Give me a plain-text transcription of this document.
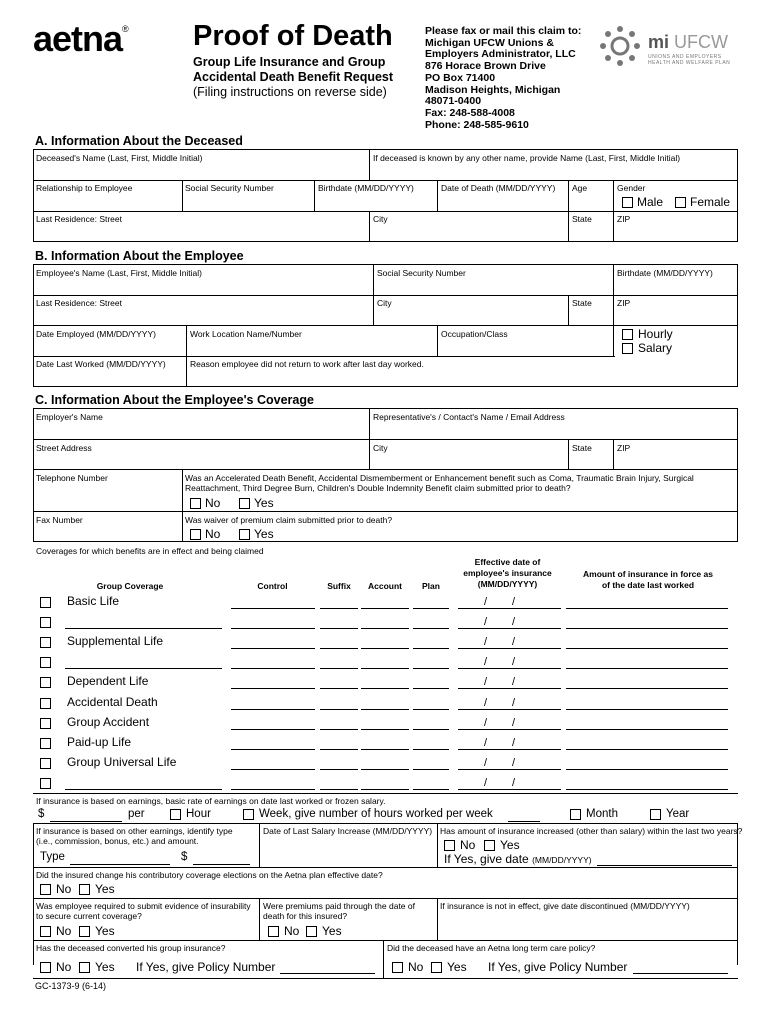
aetna® Proof of Death
Group Life Insurance and Group
Accidental Death Benefit Request
(Filing instructions on reverse side)
Please fax or mail this claim to:
Michigan UFCW Unions &
Employers Administrator, LLC
876 Horace Brown Drive
PO Box 71400
Madison Heights, Michigan
48071-0400
Fax: 248-588-4008
Phone: 248-585-9610
mi UFCW
UNIONS AND EMPLOYERS
HEALTH AND WELFARE PLAN
A. Information About the Deceased
Deceased's Name (Last, First, Middle Initial)	If deceased is known by any other name, provide Name (Last, First, Middle Initial)
Relationship to Employee	Social Security Number	Birthdate (MM/DD/YYYY)	Date of Death (MM/DD/YYYY) Age	Gender
Male Female
Last Residence: Street	City	State	ZIP
B. Information About the Employee
Employee's Name (Last, First, Middle Initial)	Social Security Number	Birthdate (MM/DD/YYYY)
Last Residence: Street	City	State	ZIP
Date Employed (MM/DD/YYYY)	Work Location Name/Number	Occupation/Class	Hourly
Salary
Date Last Worked (MM/DD/YYYY)	Reason employee did not return to work after last day worked.
C. Information About the Employee's Coverage
Employer's Name	Representative's / Contact's Name / Email Address
Street Address	City	State	ZIP
Telephone Number	Was an Accelerated Death Benefit, Accidental Dismemberment or Enhancement benefit such as Coma, Traumatic Brain Injury, Surgical Reattachment, Third Degree Burn, Children's Double Indemnity Benefit claim submitted prior to death?
No	Yes
Fax Number	Was waiver of premium claim submitted prior to death?
No	Yes
Coverages for which benefits are in effect and being claimed
Group Coverage	Control	Suffix	Account	Plan
Effective date of employee's insurance (MM/DD/YYYY)
Amount of insurance in force as of the date last worked
Basic Life	/ /
/ /
Supplemental Life	/ /
/ /
Dependent Life	/ /
Accidental Death	/ /
Group Accident	/ /
Paid-up Life	/ /
Group Universal Life	/ /
/ /
If insurance is based on earnings, basic rate of earnings on date last worked or frozen salary.
$	per	Hour	Week, give number of hours worked per week	Month	Year
If insurance is based on other earnings, identify type (i.e., commission, bonus, etc.) and amount.
Type	$
Date of Last Salary Increase (MM/DD/YYYY) Has amount of insurance increased (other than salary) within the last two years?
No Yes
If Yes, give date (MM/DD/YYYY)
Did the insured change his contributory coverage elections on the Aetna plan effective date?
No Yes
Was employee required to submit evidence of insurability to secure current coverage?
No Yes
Were premiums paid through the date of death for this insured?
No Yes
If insurance is not in effect, give date discontinued (MM/DD/YYYY)
Has the deceased converted his group insurance?
No Yes If Yes, give Policy Number
Did the deceased have an Aetna long term care policy?
No Yes If Yes, give Policy Number
GC-1373-9 (6-14)
